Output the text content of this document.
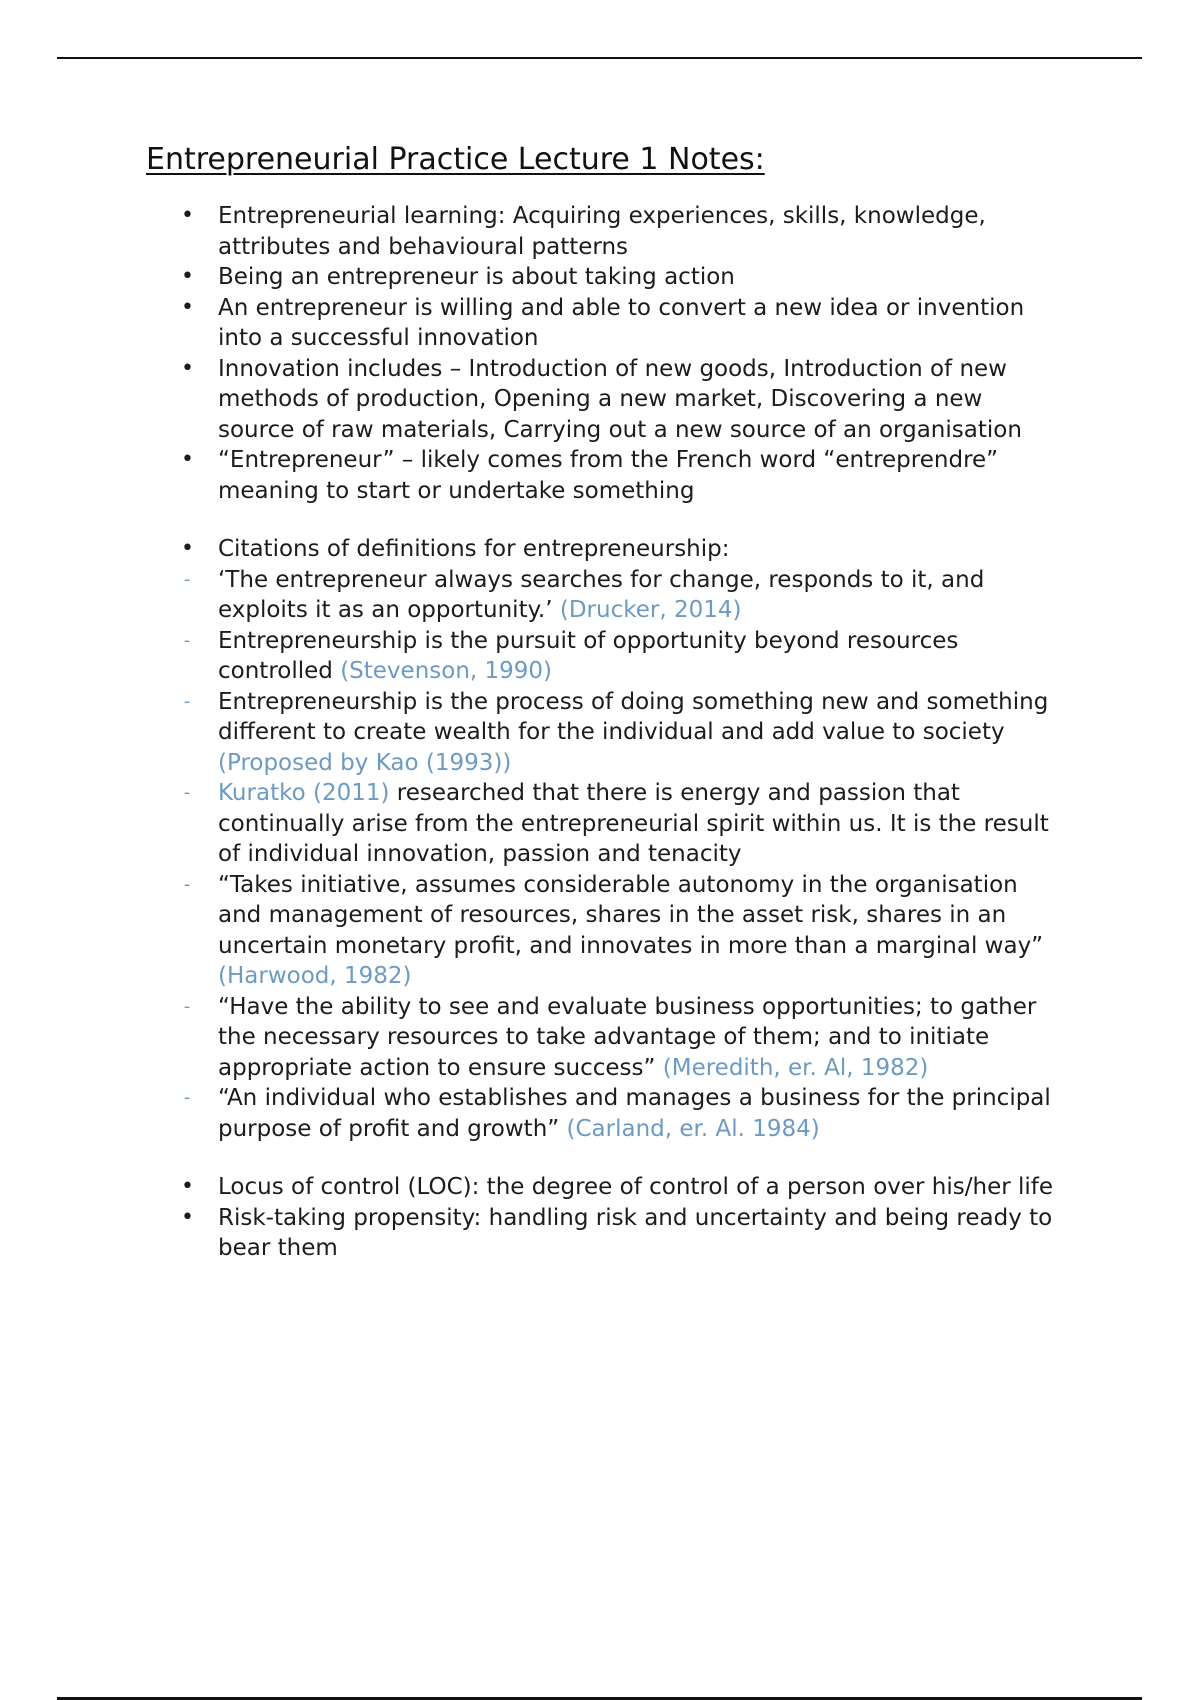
Entrepreneurial Practice Lecture 1 Notes:
• Entrepreneurial learning: Acquiring experiences, skills, knowledge, attributes and behavioural patterns
• Being an entrepreneur is about taking action
• An entrepreneur is willing and able to convert a new idea or invention into a successful innovation
• Innovation includes – Introduction of new goods, Introduction of new methods of production, Opening a new market, Discovering a new source of raw materials, Carrying out a new source of an organisation
• “Entrepreneur” – likely comes from the French word “entreprendre” meaning to start or undertake something
• Citations of definitions for entrepreneurship:
- ‘The entrepreneur always searches for change, responds to it, and exploits it as an opportunity.’ (Drucker, 2014)
- Entrepreneurship is the pursuit of opportunity beyond resources controlled (Stevenson, 1990)
- Entrepreneurship is the process of doing something new and something different to create wealth for the individual and add value to society (Proposed by Kao (1993))
- Kuratko (2011) researched that there is energy and passion that continually arise from the entrepreneurial spirit within us. It is the result of individual innovation, passion and tenacity
- “Takes initiative, assumes considerable autonomy in the organisation and management of resources, shares in the asset risk, shares in an uncertain monetary profit, and innovates in more than a marginal way” (Harwood, 1982)
- “Have the ability to see and evaluate business opportunities; to gather the necessary resources to take advantage of them; and to initiate appropriate action to ensure success” (Meredith, er. Al, 1982)
- “An individual who establishes and manages a business for the principal purpose of profit and growth” (Carland, er. Al. 1984)
• Locus of control (LOC): the degree of control of a person over his/her life
• Risk-taking propensity: handling risk and uncertainty and being ready to bear them
